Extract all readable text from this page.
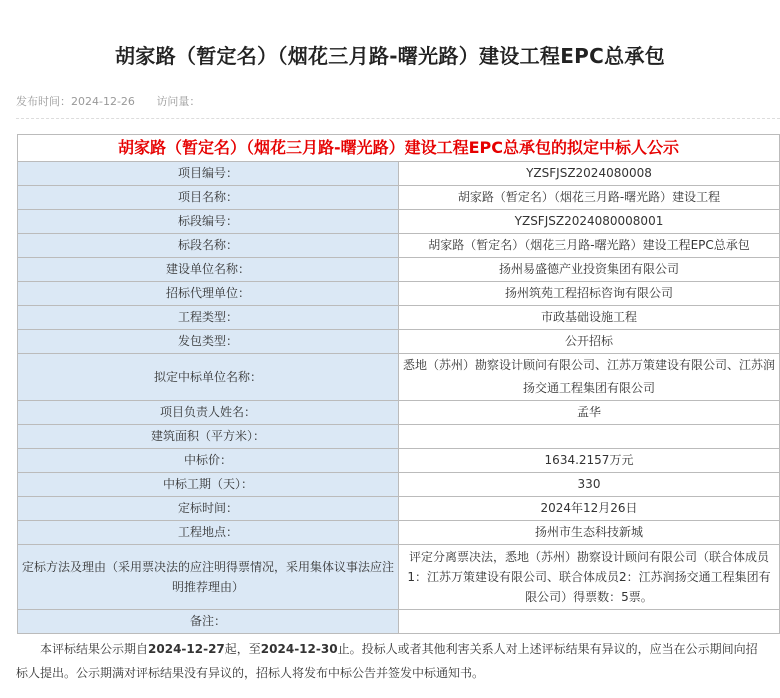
胡家路（暂定名）（烟花三月路-曙光路）建设工程EPC总承包
发布时间：2024-12-26 访问量：
胡家路（暂定名）（烟花三月路-曙光路）建设工程EPC总承包的拟定中标人公示	
项目编号：	YZSFJSZ2024080008
项目名称：	胡家路（暂定名）（烟花三月路-曙光路）建设工程
标段编号：	YZSFJSZ2024080008001
标段名称：	胡家路（暂定名）（烟花三月路-曙光路）建设工程EPC总承包
建设单位名称：	扬州易盛德产业投资集团有限公司
招标代理单位：	扬州筑苑工程招标咨询有限公司
工程类型：	市政基础设施工程
发包类型：	公开招标
拟定中标单位名称：	悉地（苏州）勘察设计顾问有限公司、江苏万策建设有限公司、江苏润扬交通工程集团有限公司
项目负责人姓名：	孟华
建筑面积（平方米）：	
中标价：	1634.2157万元
中标工期（天）：	330
定标时间：	2024年12月26日
工程地点：	扬州市生态科技新城
定标方法及理由（采用票决法的应注明得票情况，采用集体议事法应注明推荐理由）	评定分离票决法，悉地（苏州）勘察设计顾问有限公司（联合体成员1：江苏万策建设有限公司、联合体成员2：江苏润扬交通工程集团有限公司）得票数：5票。
备注：	
本评标结果公示期自2024-12-27起，至2024-12-30止。投标人或者其他利害关系人对上述评标结果有异议的，应当在公示期间向招标人提出。公示期满对评标结果没有异议的，招标人将发布中标公告并签发中标通知书。
